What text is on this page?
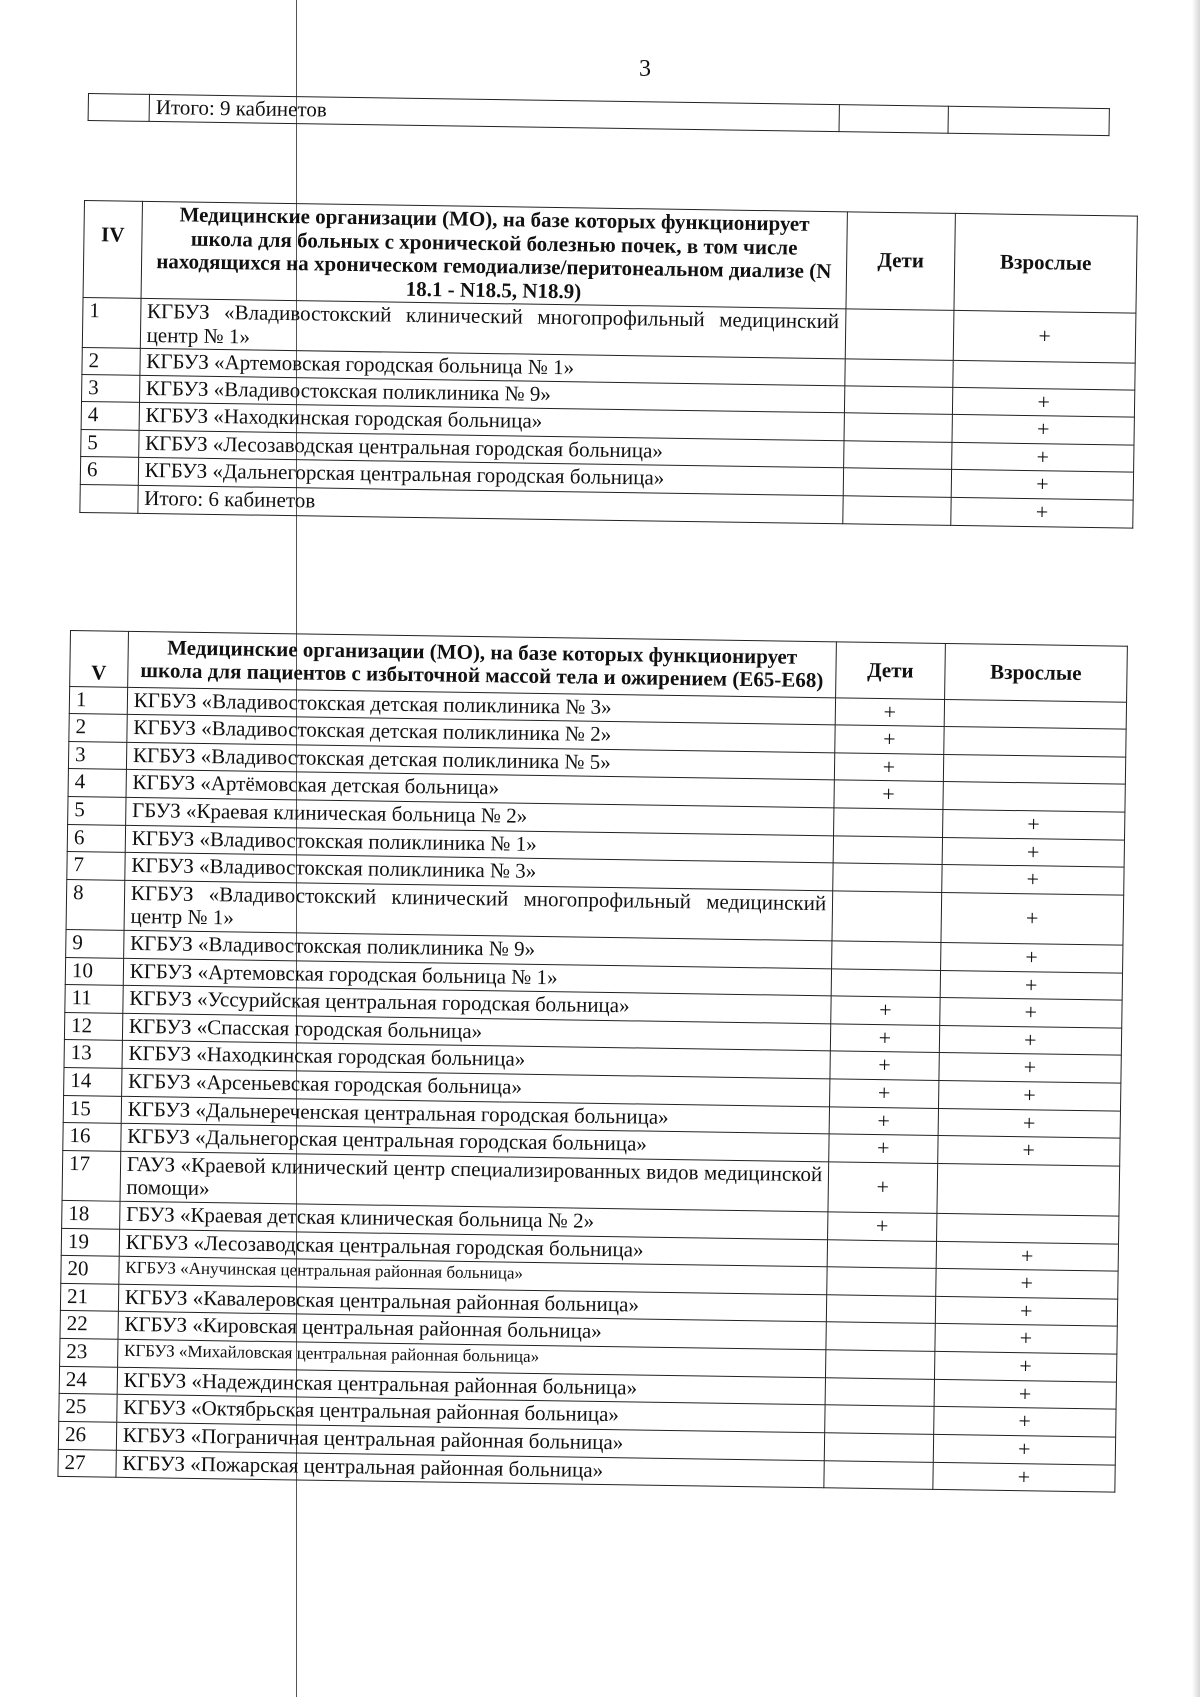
3
	Итого: 9 кабинетов		
IV	Медицинские организации (МО), на базе которых функционирует школа для больных с хронической болезнью почек, в том числе находящихся на хроническом гемодиализе/перитонеальном диализе (N 18.1 - N18.5, N18.9)	Дети	Взрослые
1	КГБУЗ «Владивостокский клинический многопрофильный медицинский центр № 1»		+
2	КГБУЗ «Артемовская городская больница № 1»		
3	КГБУЗ «Владивостокская поликлиника № 9»		+
4	КГБУЗ «Находкинская городская больница»		+
5	КГБУЗ «Лесозаводская центральная городская больница»		+
6	КГБУЗ «Дальнегорская центральная городская больница»		+
	Итого: 6 кабинетов		+
V	Медицинские организации (МО), на базе которых функционирует школа для пациентов с избыточной массой тела и ожирением (Е65-Е68)	Дети	Взрослые
1	КГБУЗ «Владивостокская детская поликлиника № 3»	+	
2	КГБУЗ «Владивостокская детская поликлиника № 2»	+	
3	КГБУЗ «Владивостокская детская поликлиника № 5»	+	
4	КГБУЗ «Артёмовская детская больница»	+	
5	ГБУЗ «Краевая клиническая больница № 2»		+
6	КГБУЗ «Владивостокская поликлиника № 1»		+
7	КГБУЗ «Владивостокская поликлиника № 3»		+
8	КГБУЗ «Владивостокский клинический многопрофильный медицинский центр № 1»		+
9	КГБУЗ «Владивостокская поликлиника № 9»		+
10	КГБУЗ «Артемовская городская больница № 1»		+
11	КГБУЗ «Уссурийская центральная городская больница»	+	+
12	КГБУЗ «Спасская городская больница»	+	+
13	КГБУЗ «Находкинская городская больница»	+	+
14	КГБУЗ «Арсеньевская городская больница»	+	+
15	КГБУЗ «Дальнереченская центральная городская больница»	+	+
16	КГБУЗ «Дальнегорская центральная городская больница»	+	+
17	ГАУЗ «Краевой клинический центр специализированных видов медицинской помощи»	+	
18	ГБУЗ «Краевая детская клиническая больница № 2»	+	
19	КГБУЗ «Лесозаводская центральная городская больница»		+
20	КГБУЗ «Анучинская центральная районная больница»		+
21	КГБУЗ «Кавалеровская центральная районная больница»		+
22	КГБУЗ «Кировская центральная районная больница»		+
23	КГБУЗ «Михайловская центральная районная больница»		+
24	КГБУЗ «Надеждинская центральная районная больница»		+
25	КГБУЗ «Октябрьская центральная районная больница»		+
26	КГБУЗ «Пограничная центральная районная больница»		+
27	КГБУЗ «Пожарская центральная районная больница»		+
